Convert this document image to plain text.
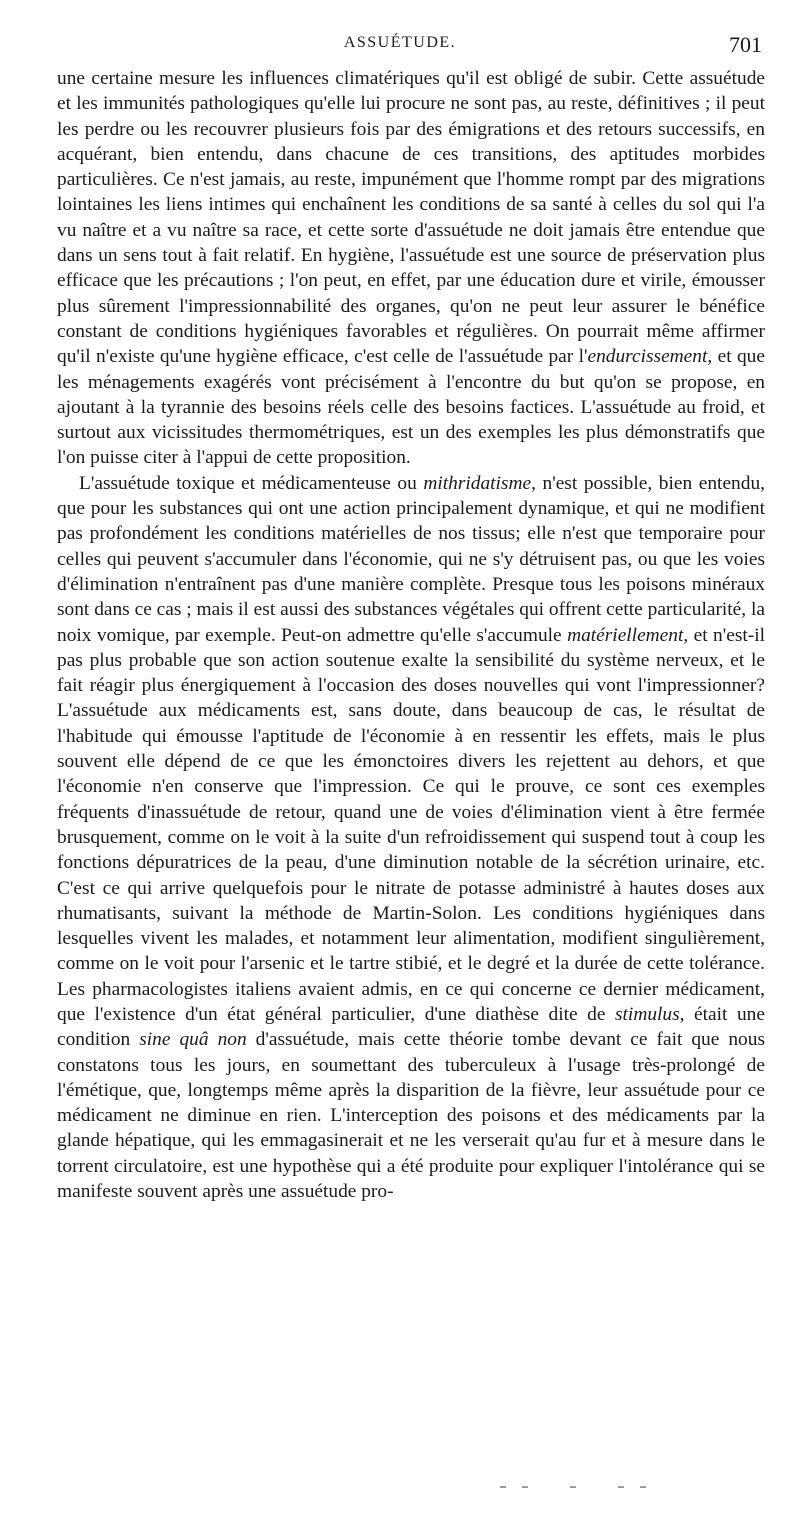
ASSUÉTUDE.	701

une certaine mesure les influences climatériques qu'il est obligé de subir. Cette assuétude et les immunités pathologiques qu'elle lui procure ne sont pas, au reste, définitives ; il peut les perdre ou les recouvrer plusieurs fois par des émigrations et des retours successifs, en acquérant, bien entendu, dans chacune de ces transitions, des aptitudes morbides particulières. Ce n'est jamais, au reste, impunément que l'homme rompt par des migrations lointaines les liens intimes qui enchaînent les conditions de sa santé à celles du sol qui l'a vu naître et a vu naître sa race, et cette sorte d'assuétude ne doit jamais être entendue que dans un sens tout à fait relatif. En hygiène, l'assuétude est une source de préservation plus efficace que les précautions ; l'on peut, en effet, par une éducation dure et virile, émousser plus sûrement l'impressionnabilité des organes, qu'on ne peut leur assurer le bénéfice constant de conditions hygiéniques favorables et régulières. On pourrait même affirmer qu'il n'existe qu'une hygiène efficace, c'est celle de l'assuétude par l'endurcissement, et que les ménagements exagérés vont précisément à l'encontre du but qu'on se propose, en ajoutant à la tyrannie des besoins réels celle des besoins factices. L'assuétude au froid, et surtout aux vicissitudes thermométriques, est un des exemples les plus démonstratifs que l'on puisse citer à l'appui de cette proposition.

L'assuétude toxique et médicamenteuse ou mithridatisme, n'est possible, bien entendu, que pour les substances qui ont une action principalement dynamique, et qui ne modifient pas profondément les conditions matérielles de nos tissus; elle n'est que temporaire pour celles qui peuvent s'accumuler dans l'économie, qui ne s'y détruisent pas, ou que les voies d'élimination n'entraînent pas d'une manière complète. Presque tous les poisons minéraux sont dans ce cas ; mais il est aussi des substances végétales qui offrent cette particularité, la noix vomique, par exemple. Peut-on admettre qu'elle s'accumule matériellement, et n'est-il pas plus probable que son action soutenue exalte la sensibilité du système nerveux, et le fait réagir plus énergiquement à l'occasion des doses nouvelles qui vont l'impressionner? L'assuétude aux médicaments est, sans doute, dans beaucoup de cas, le résultat de l'habitude qui émousse l'aptitude de l'économie à en ressentir les effets, mais le plus souvent elle dépend de ce que les émonctoires divers les rejettent au dehors, et que l'économie n'en conserve que l'impression. Ce qui le prouve, ce sont ces exemples fréquents d'inassuétude de retour, quand une de voies d'élimination vient à être fermée brusquement, comme on le voit à la suite d'un refroidissement qui suspend tout à coup les fonctions dépuratrices de la peau, d'une diminution notable de la sécrétion urinaire, etc. C'est ce qui arrive quelquefois pour le nitrate de potasse administré à hautes doses aux rhumatisants, suivant la méthode de Martin-Solon. Les conditions hygiéniques dans lesquelles vivent les malades, et notamment leur alimentation, modifient singulièrement, comme on le voit pour l'arsenic et le tartre stibié, et le degré et la durée de cette tolérance. Les pharmacologistes italiens avaient admis, en ce qui concerne ce dernier médicament, que l'existence d'un état général particulier, d'une diathèse dite de stimulus, était une condition sine quâ non d'assuétude, mais cette théorie tombe devant ce fait que nous constatons tous les jours, en soumettant des tuberculeux à l'usage très-prolongé de l'émétique, que, longtemps même après la disparition de la fièvre, leur assuétude pour ce médicament ne diminue en rien. L'interception des poisons et des médicaments par la glande hépatique, qui les emmagasinerait et ne les verserait qu'au fur et à mesure dans le torrent circulatoire, est une hypothèse qui a été produite pour expliquer l'intolérance qui se manifeste souvent après une assuétude pro-
